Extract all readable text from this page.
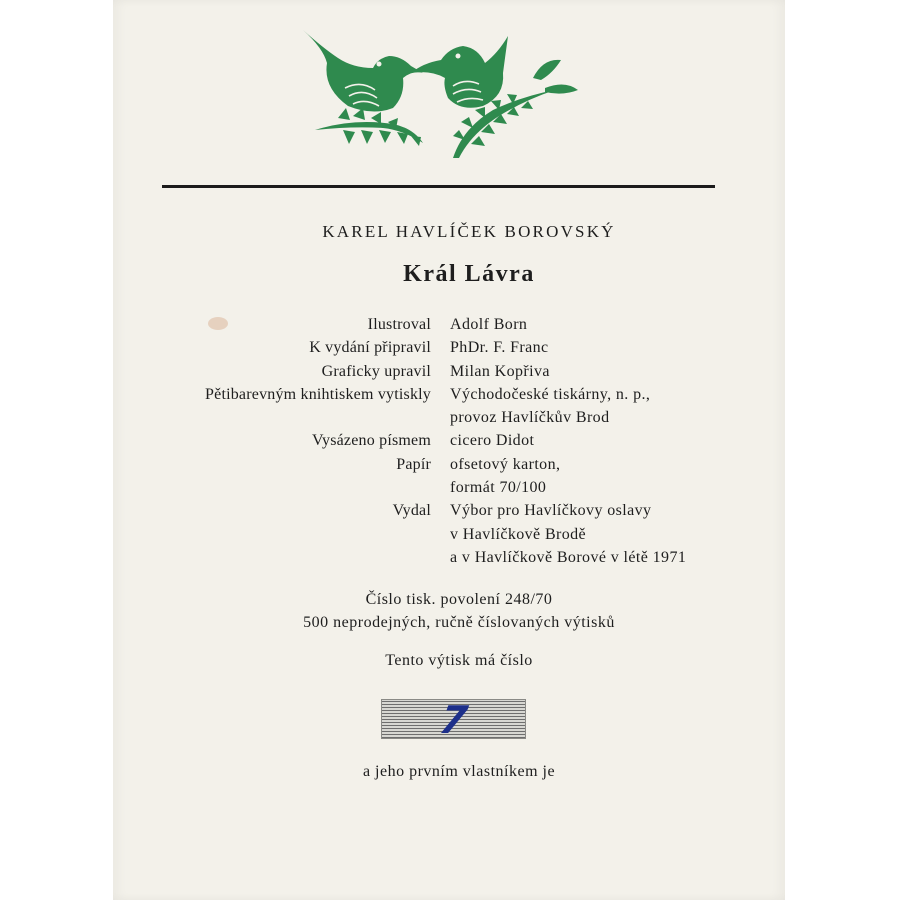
KAREL HAVLÍČEK BOROVSKÝ
Král Lávra
Ilustroval Adolf Born
K vydání připravil PhDr. F. Franc
Graficky upravil Milan Kopřiva
Pětibarevným knihtiskem vytiskly Východočeské tiskárny, n. p.,
provoz Havlíčkův Brod
Vysázeno písmem cicero Didot
Papír ofsetový karton,
formát 70/100
Vydal Výbor pro Havlíčkovy oslavy
v Havlíčkově Brodě
a v Havlíčkově Borové v létě 1971
Číslo tisk. povolení 248/70
500 neprodejných, ručně číslovaných výtisků
Tento výtisk má číslo
7
a jeho prvním vlastníkem je
